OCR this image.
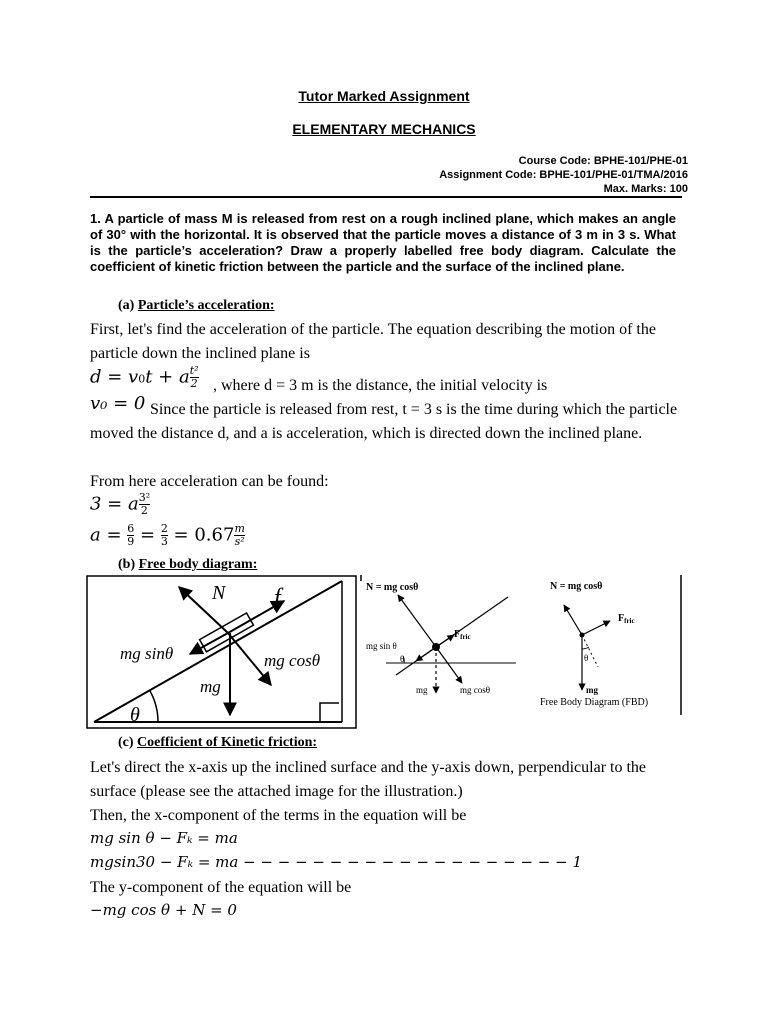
Tutor Marked Assignment
ELEMENTARY MECHANICS
Course Code: BPHE-101/PHE-01
Assignment Code: BPHE-101/PHE-01/TMA/2016
Max. Marks: 100
1. A particle of mass M is released from rest on a rough inclined plane, which makes an angle of 30° with the horizontal. It is observed that the particle moves a distance of 3 m in 3 s. What is the particle’s acceleration? Draw a properly labelled free body diagram. Calculate the coefficient of kinetic friction between the particle and the surface of the inclined plane.
(a) Particle’s acceleration:
First, let's find the acceleration of the particle. The equation describing the motion of the particle down the inclined plane is
d = v0t + a $\frac{\text{t²}}{2}$ , where d = 3 m is the distance, the initial velocity is
v₀ = 0 Since the particle is released from rest, t = 3 s is the time during which the particle moved the distance d, and a is acceleration, which is directed down the inclined plane.
From here acceleration can be found:
3 = a $\frac{\text{3²}}{2}$
$a = \frac{6}{9} = \frac{2}{3} = 0.67 \frac{m}{\text{s²}}$
(b) Free body diagram:
N f
mg sinθ	mg cosθ
mg
θ
N = mg cosθ
$F_{fric}$
mg sin θ
θ
mg	mg cosθ
N = mg cosθ
$F_{fric}$
θ
mg
Free Body Diagram (FBD)
(c) Coefficient of Kinetic friction:
Let's direct the x-axis up the inclined surface and the y-axis down, perpendicular to the surface (please see the attached image for the illustration.)
Then, the x-component of the terms in the equation will be
mg sin θ − Fₖ = ma
mgsin30 − Fₖ = ma − − − − − − − − − − − − − − − − − − − 1
The y-component of the equation will be
−mg cos θ + N = 0
